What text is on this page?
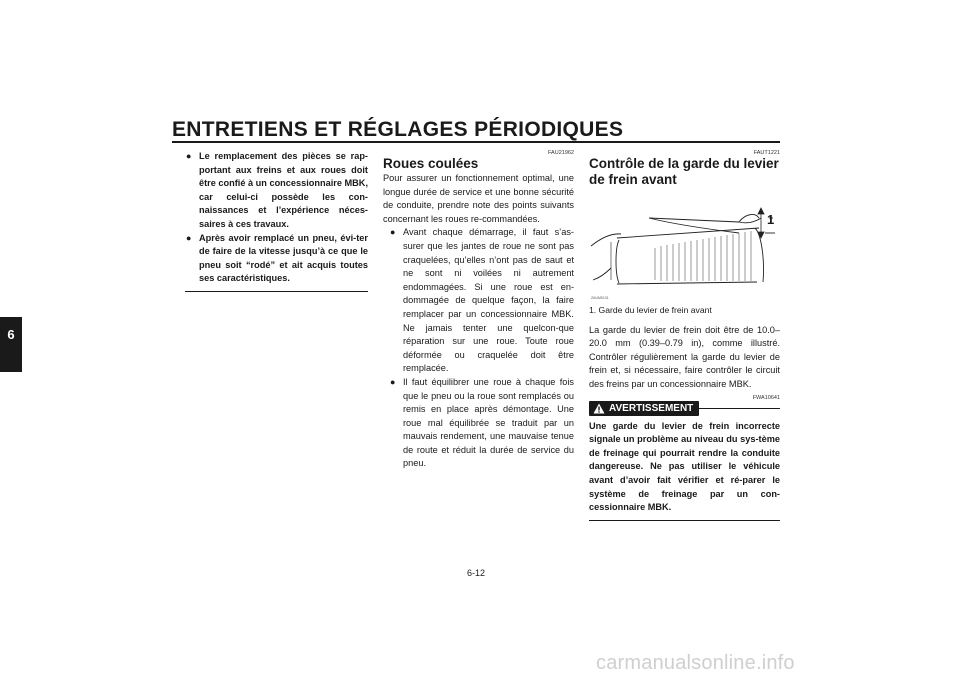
ENTRETIENS ET RÉGLAGES PÉRIODIQUES
6
● Le remplacement des pièces se rap-portant aux freins et aux roues doit être confié à un concessionnaire MBK, car celui-ci possède les con-naissances et l’expérience néces-saires à ces travaux.
● Après avoir remplacé un pneu, évi-ter de faire de la vitesse jusqu’à ce que le pneu soit “rodé” et ait acquis toutes ses caractéristiques.
FAU21962
Roues coulées

Pour assurer un fonctionnement optimal, une longue durée de service et une bonne sécurité de conduite, prendre note des points suivants concernant les roues re-commandées.

● Avant chaque démarrage, il faut s’as-surer que les jantes de roue ne sont pas craquelées, qu’elles n’ont pas de saut et ne sont ni voilées ni autrement endommagées. Si une roue est en-dommagée de quelque façon, la faire remplacer par un concessionnaire MBK. Ne jamais tenter une quelcon-que réparation sur une roue. Toute roue déformée ou craquelée doit être remplacée.
● Il faut équilibrer une roue à chaque fois que le pneu ou la roue sont remplacés ou remis en place après démontage. Une roue mal équilibrée se traduit par un mauvais rendement, une mauvaise tenue de route et réduit la durée de service du pneu.
FAUT1221
Contrôle de la garde du levier de frein avant
1
ZAUM0131

1. Garde du levier de frein avant

La garde du levier de frein doit être de 10.0–20.0 mm (0.39–0.79 in), comme illustré. Contrôler régulièrement la garde du levier de frein et, si nécessaire, faire contrôler le circuit des freins par un concessionnaire MBK.

FWA10641
AVERTISSEMENT

Une garde du levier de frein incorrecte signale un problème au niveau du sys-tème de freinage qui pourrait rendre la conduite dangereuse. Ne pas utiliser le véhicule avant d’avoir fait vérifier et ré-parer le système de freinage par un con-cessionnaire MBK.

6-12
carmanualsonline.info
